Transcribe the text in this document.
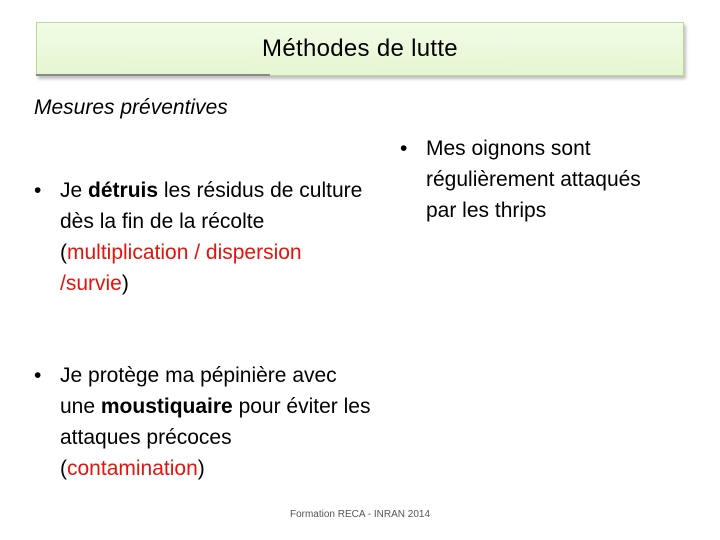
Méthodes de lutte
Mesures préventives
• Mes oignons sont régulièrement attaqués par les thrips
• Je détruis les résidus de culture dès la fin de la récolte (multiplication / dispersion /survie)
• Je protège ma pépinière avec une moustiquaire pour éviter les attaques précoces (contamination)
Formation RECA - INRAN 2014
